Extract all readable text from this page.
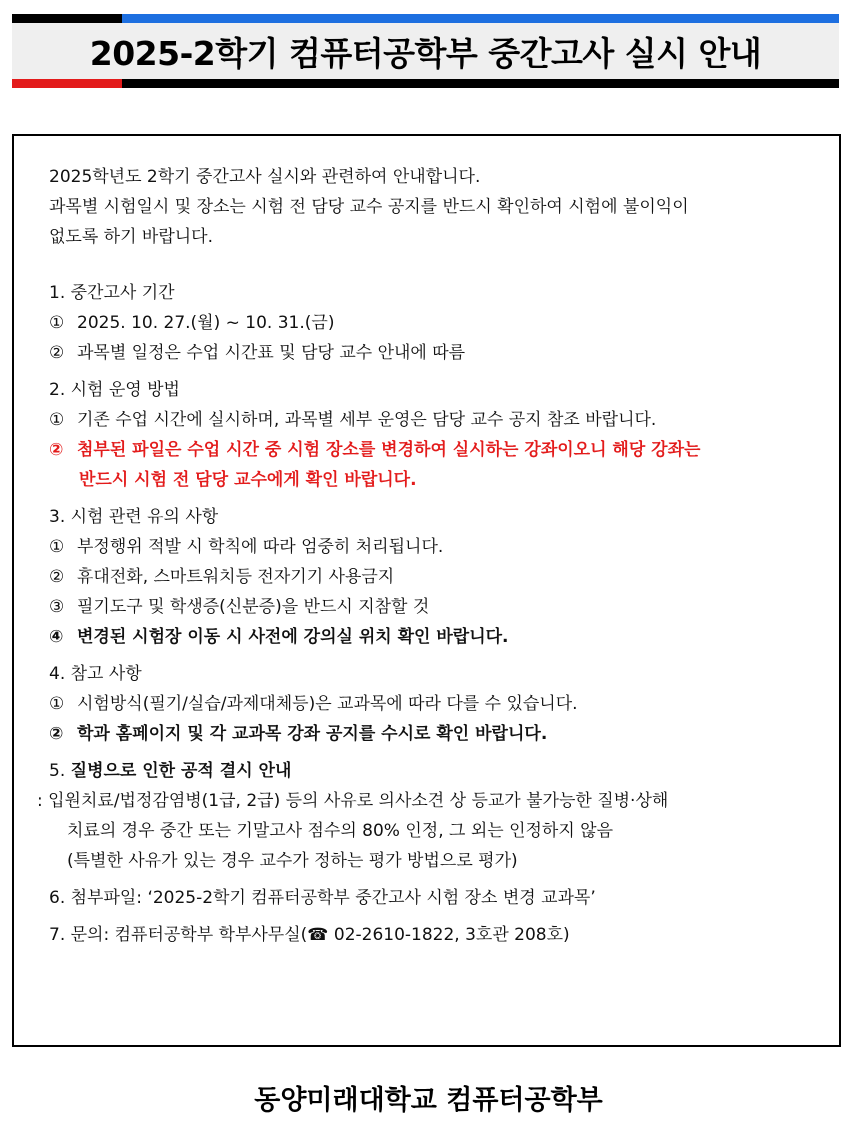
2025-2학기 컴퓨터공학부 중간고사 실시 안내
2025학년도 2학기 중간고사 실시와 관련하여 안내합니다.
과목별 시험일시 및 장소는 시험 전 담당 교수 공지를 반드시 확인하여 시험에 불이익이
없도록 하기 바랍니다.
1. 중간고사 기간
① 2025. 10. 27.(월) ~ 10. 31.(금)
② 과목별 일정은 수업 시간표 및 담당 교수 안내에 따름
2. 시험 운영 방법
① 기존 수업 시간에 실시하며, 과목별 세부 운영은 담당 교수 공지 참조 바랍니다.
② 첨부된 파일은 수업 시간 중 시험 장소를 변경하여 실시하는 강좌이오니 해당 강좌는
반드시 시험 전 담당 교수에게 확인 바랍니다.
3. 시험 관련 유의 사항
① 부정행위 적발 시 학칙에 따라 엄중히 처리됩니다.
② 휴대전화, 스마트워치등 전자기기 사용금지
③ 필기도구 및 학생증(신분증)을 반드시 지참할 것
④ 변경된 시험장 이동 시 사전에 강의실 위치 확인 바랍니다.
4. 참고 사항
① 시험방식(필기/실습/과제대체등)은 교과목에 따라 다를 수 있습니다.
② 학과 홈페이지 및 각 교과목 강좌 공지를 수시로 확인 바랍니다.
5. 질병으로 인한 공적 결시 안내
: 입원치료/법정감염병(1급, 2급) 등의 사유로 의사소견 상 등교가 불가능한 질병·상해
치료의 경우 중간 또는 기말고사 점수의 80% 인정, 그 외는 인정하지 않음
(특별한 사유가 있는 경우 교수가 정하는 평가 방법으로 평가)
6. 첨부파일: ‘2025-2학기 컴퓨터공학부 중간고사 시험 장소 변경 교과목’
7. 문의: 컴퓨터공학부 학부사무실(☎ 02-2610-1822, 3호관 208호)
동양미래대학교 컴퓨터공학부
